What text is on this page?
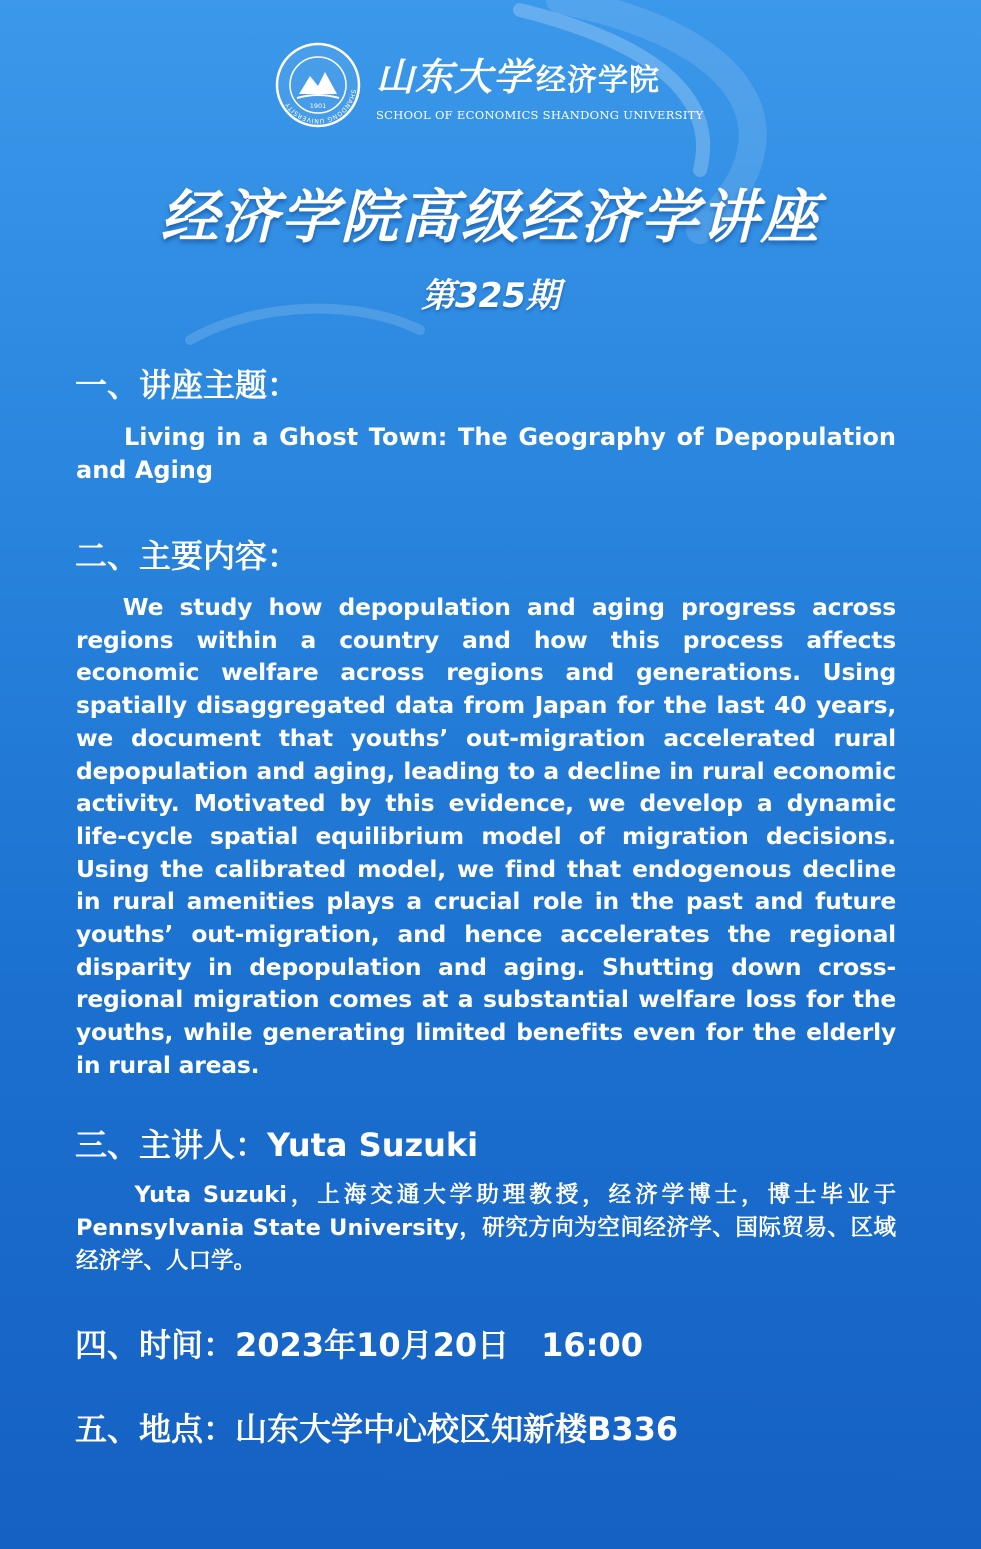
SHANDONG UNIVERSITY	1901
山东大学 经济学院
SCHOOL OF ECONOMICS SHANDONG UNIVERSITY
经济学院高级经济学讲座
第325期
一、讲座主题：
Living in a Ghost Town: The Geography of Depopulation and Aging
二、主要内容：
We study how depopulation and aging progress across regions within a country and how this process affects economic welfare across regions and generations. Using spatially disaggregated data from Japan for the last 40 years, we document that youths’ out-migration accelerated rural depopulation and aging, leading to a decline in rural economic activity. Motivated by this evidence, we develop a dynamic life-cycle spatial equilibrium model of migration decisions. Using the calibrated model, we find that endogenous decline in rural amenities plays a crucial role in the past and future youths’ out-migration, and hence accelerates the regional disparity in depopulation and aging. Shutting down cross-regional migration comes at a substantial welfare loss for the youths, while generating limited benefits even for the elderly in rural areas.
三、主讲人：Yuta Suzuki
Yuta Suzuki，上海交通大学助理教授，经济学博士，博士毕业于Pennsylvania State University，研究方向为空间经济学、国际贸易、区域经济学、人口学。
四、时间：2023年10月20日　16:00
五、地点：山东大学中心校区知新楼B336
